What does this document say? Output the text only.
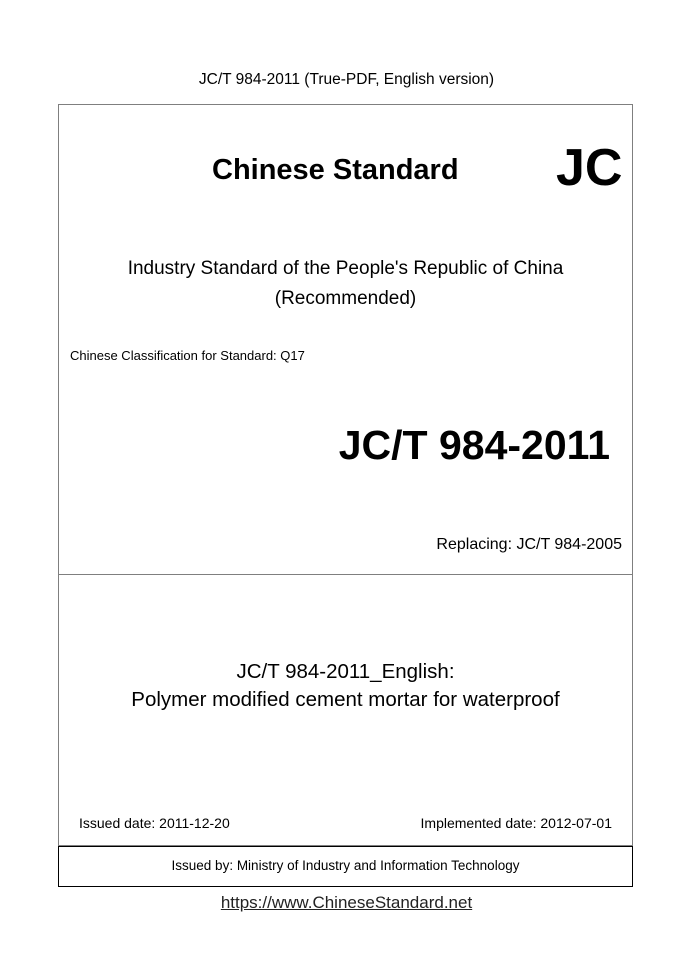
JC/T 984-2011 (True-PDF, English version)
Issued by: Ministry of Industry and Information Technology
Chinese Standard JC
Industry Standard of the People's Republic of China
(Recommended)
Chinese Classification for Standard: Q17
JC/T 984-2011
Replacing: JC/T 984-2005
JC/T 984-2011_English:
Polymer modified cement mortar for waterproof
Issued date: 2011-12-20	Implemented date: 2012-07-01
https://www.ChineseStandard.net
